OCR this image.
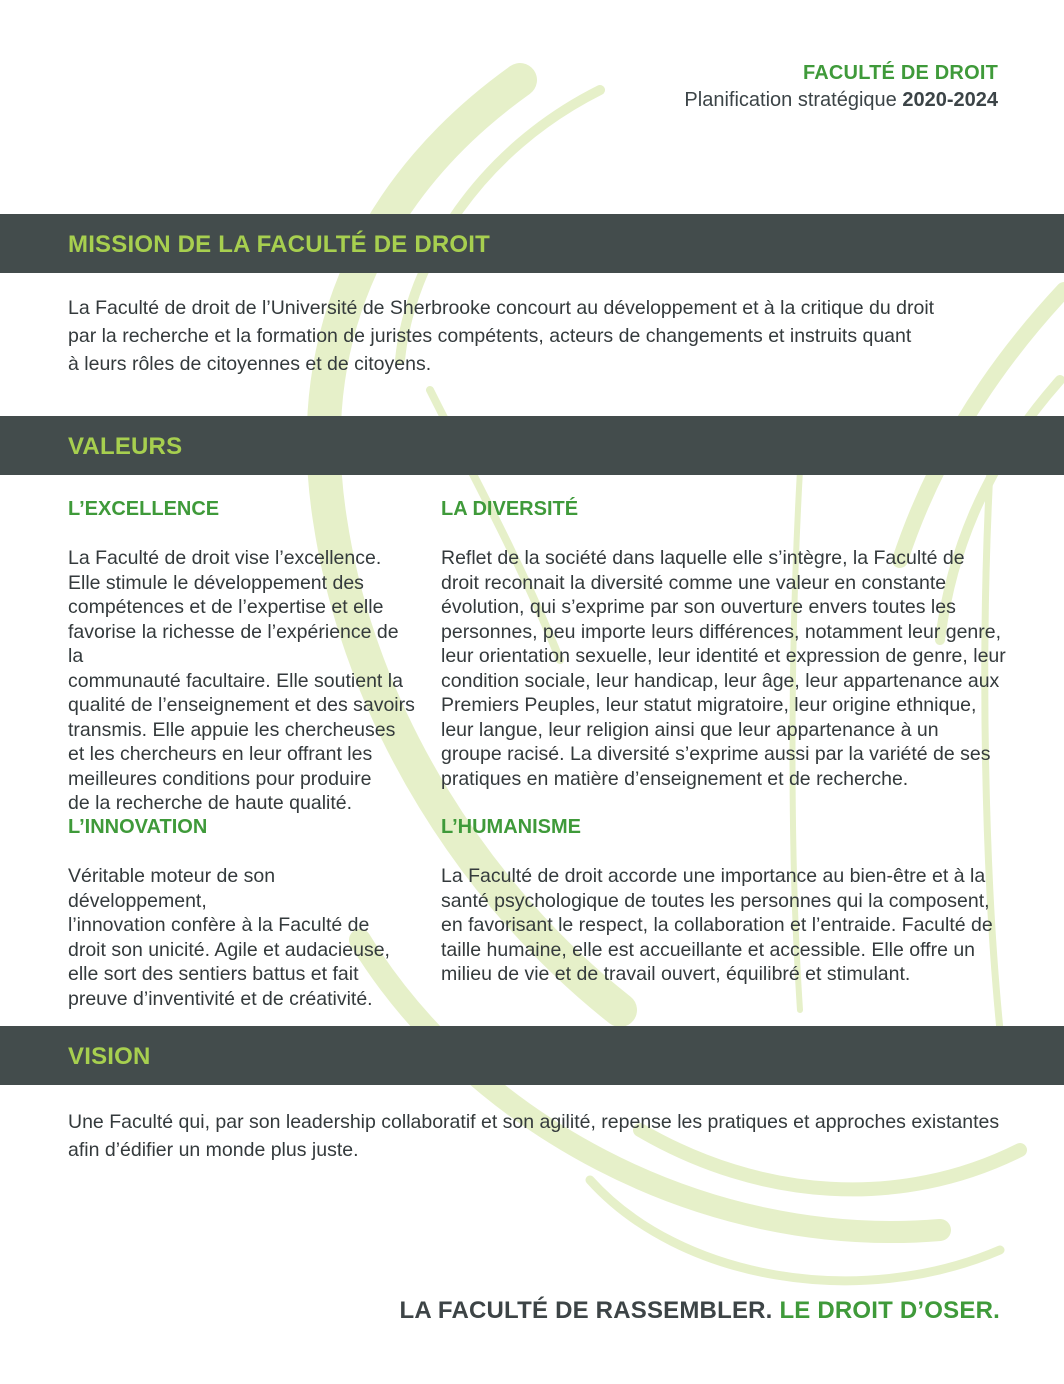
FACULTÉ DE DROIT
Planification stratégique 2020-2024
MISSION DE LA FACULTÉ DE DROIT
La Faculté de droit de l’Université de Sherbrooke concourt au développement et à la critique du droit
par la recherche et la formation de juristes compétents, acteurs de changements et instruits quant
à leurs rôles de citoyennes et de citoyens.
VALEURS
L’EXCELLENCE
La Faculté de droit vise l’excellence.
Elle stimule le développement des
compétences et de l’expertise et elle
favorise la richesse de l’expérience de la
communauté facultaire. Elle soutient la
qualité de l’enseignement et des savoirs
transmis. Elle appuie les chercheuses
et les chercheurs en leur offrant les
meilleures conditions pour produire
de la recherche de haute qualité.
LA DIVERSITÉ
Reflet de la société dans laquelle elle s’intègre, la Faculté de
droit reconnait la diversité comme une valeur en constante
évolution, qui s’exprime par son ouverture envers toutes les
personnes, peu importe leurs différences, notamment leur genre,
leur orientation sexuelle, leur identité et expression de genre, leur
condition sociale, leur handicap, leur âge, leur appartenance aux
Premiers Peuples, leur statut migratoire, leur origine ethnique,
leur langue, leur religion ainsi que leur appartenance à un
groupe racisé. La diversité s’exprime aussi par la variété de ses
pratiques en matière d’enseignement et de recherche.
L’INNOVATION
Véritable moteur de son développement,
l’innovation confère à la Faculté de
droit son unicité. Agile et audacieuse,
elle sort des sentiers battus et fait
preuve d’inventivité et de créativité.
L’HUMANISME
La Faculté de droit accorde une importance au bien-être et à la
santé psychologique de toutes les personnes qui la composent,
en favorisant le respect, la collaboration et l’entraide. Faculté de
taille humaine, elle est accueillante et accessible. Elle offre un
milieu de vie et de travail ouvert, équilibré et stimulant.
VISION
Une Faculté qui, par son leadership collaboratif et son agilité, repense les pratiques et approches existantes
afin d’édifier un monde plus juste.
LA FACULTÉ DE RASSEMBLER. LE DROIT D’OSER.
